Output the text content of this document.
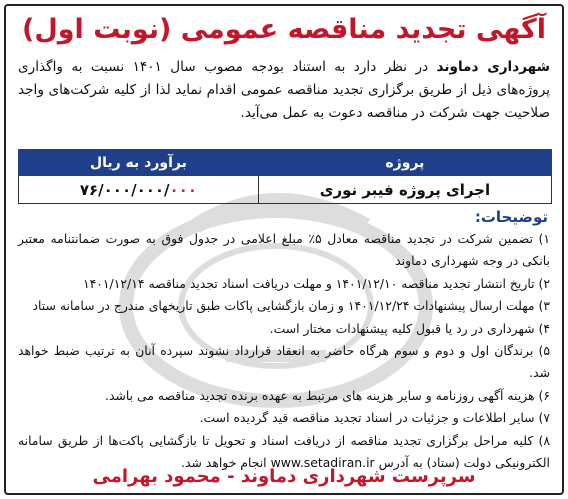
آگهی تجدید مناقصه عمومی (نوبت اول)

شهرداری دماوند در نظر دارد به استناد بودجه مصوب سال ۱۴۰۱ نسبت به واگذاری پروژه‌های ذیل از طریق برگزاری تجدید مناقصه عمومی اقدام نماید لذا از کلیه شرکت‌های واجد صلاحیت جهت شرکت در مناقصه دعوت به عمل می‌آید.

پروژه	برآورد به ریال
اجرای پروژه فیبر نوری	۷۶/۰۰۰/۰۰۰/۰۰۰
توضیحات:
۱) تضمین شرکت در تجدید مناقصه معادل ۵٪ مبلغ اعلامی در جدول فوق به صورت ضمانتنامه معتبر بانکی در وجه شهرداری دماوند
۲) تاریخ انتشار تجدید مناقصه ۱۴۰۱/۱۲/۱۰ و مهلت دریافت اسناد تجدید مناقصه ۱۴۰۱/۱۲/۱۴
۳) مهلت ارسال پیشنهادات ۱۴۰۱/۱۲/۲۴ و زمان بازگشایی پاکات طبق تاریخهای مندرج در سامانه ستاد
۴) شهرداری در رد یا قبول کلیه پیشنهادات مختار است.
۵) برندگان اول و دوم و سوم هرگاه حاضر به انعقاد قرارداد نشوند سپرده آنان به ترتیب ضبط خواهد شد.
۶) هزینه آگهی روزنامه و سایر هزینه های مرتبط به عهده برنده تجدید مناقصه می باشد.
۷) سایر اطلاعات و جزئیات در اسناد تجدید مناقصه قید گردیده است.
۸) کلیه مراحل برگزاری تجدید مناقصه از دریافت اسناد و تحویل تا بازگشایی پاکت‌ها از طریق سامانه الکترونیکی دولت (ستاد) به آدرس www.setadiran.ir انجام خواهد شد.
سرپرست شهرداری دماوند - محمود بهرامی
